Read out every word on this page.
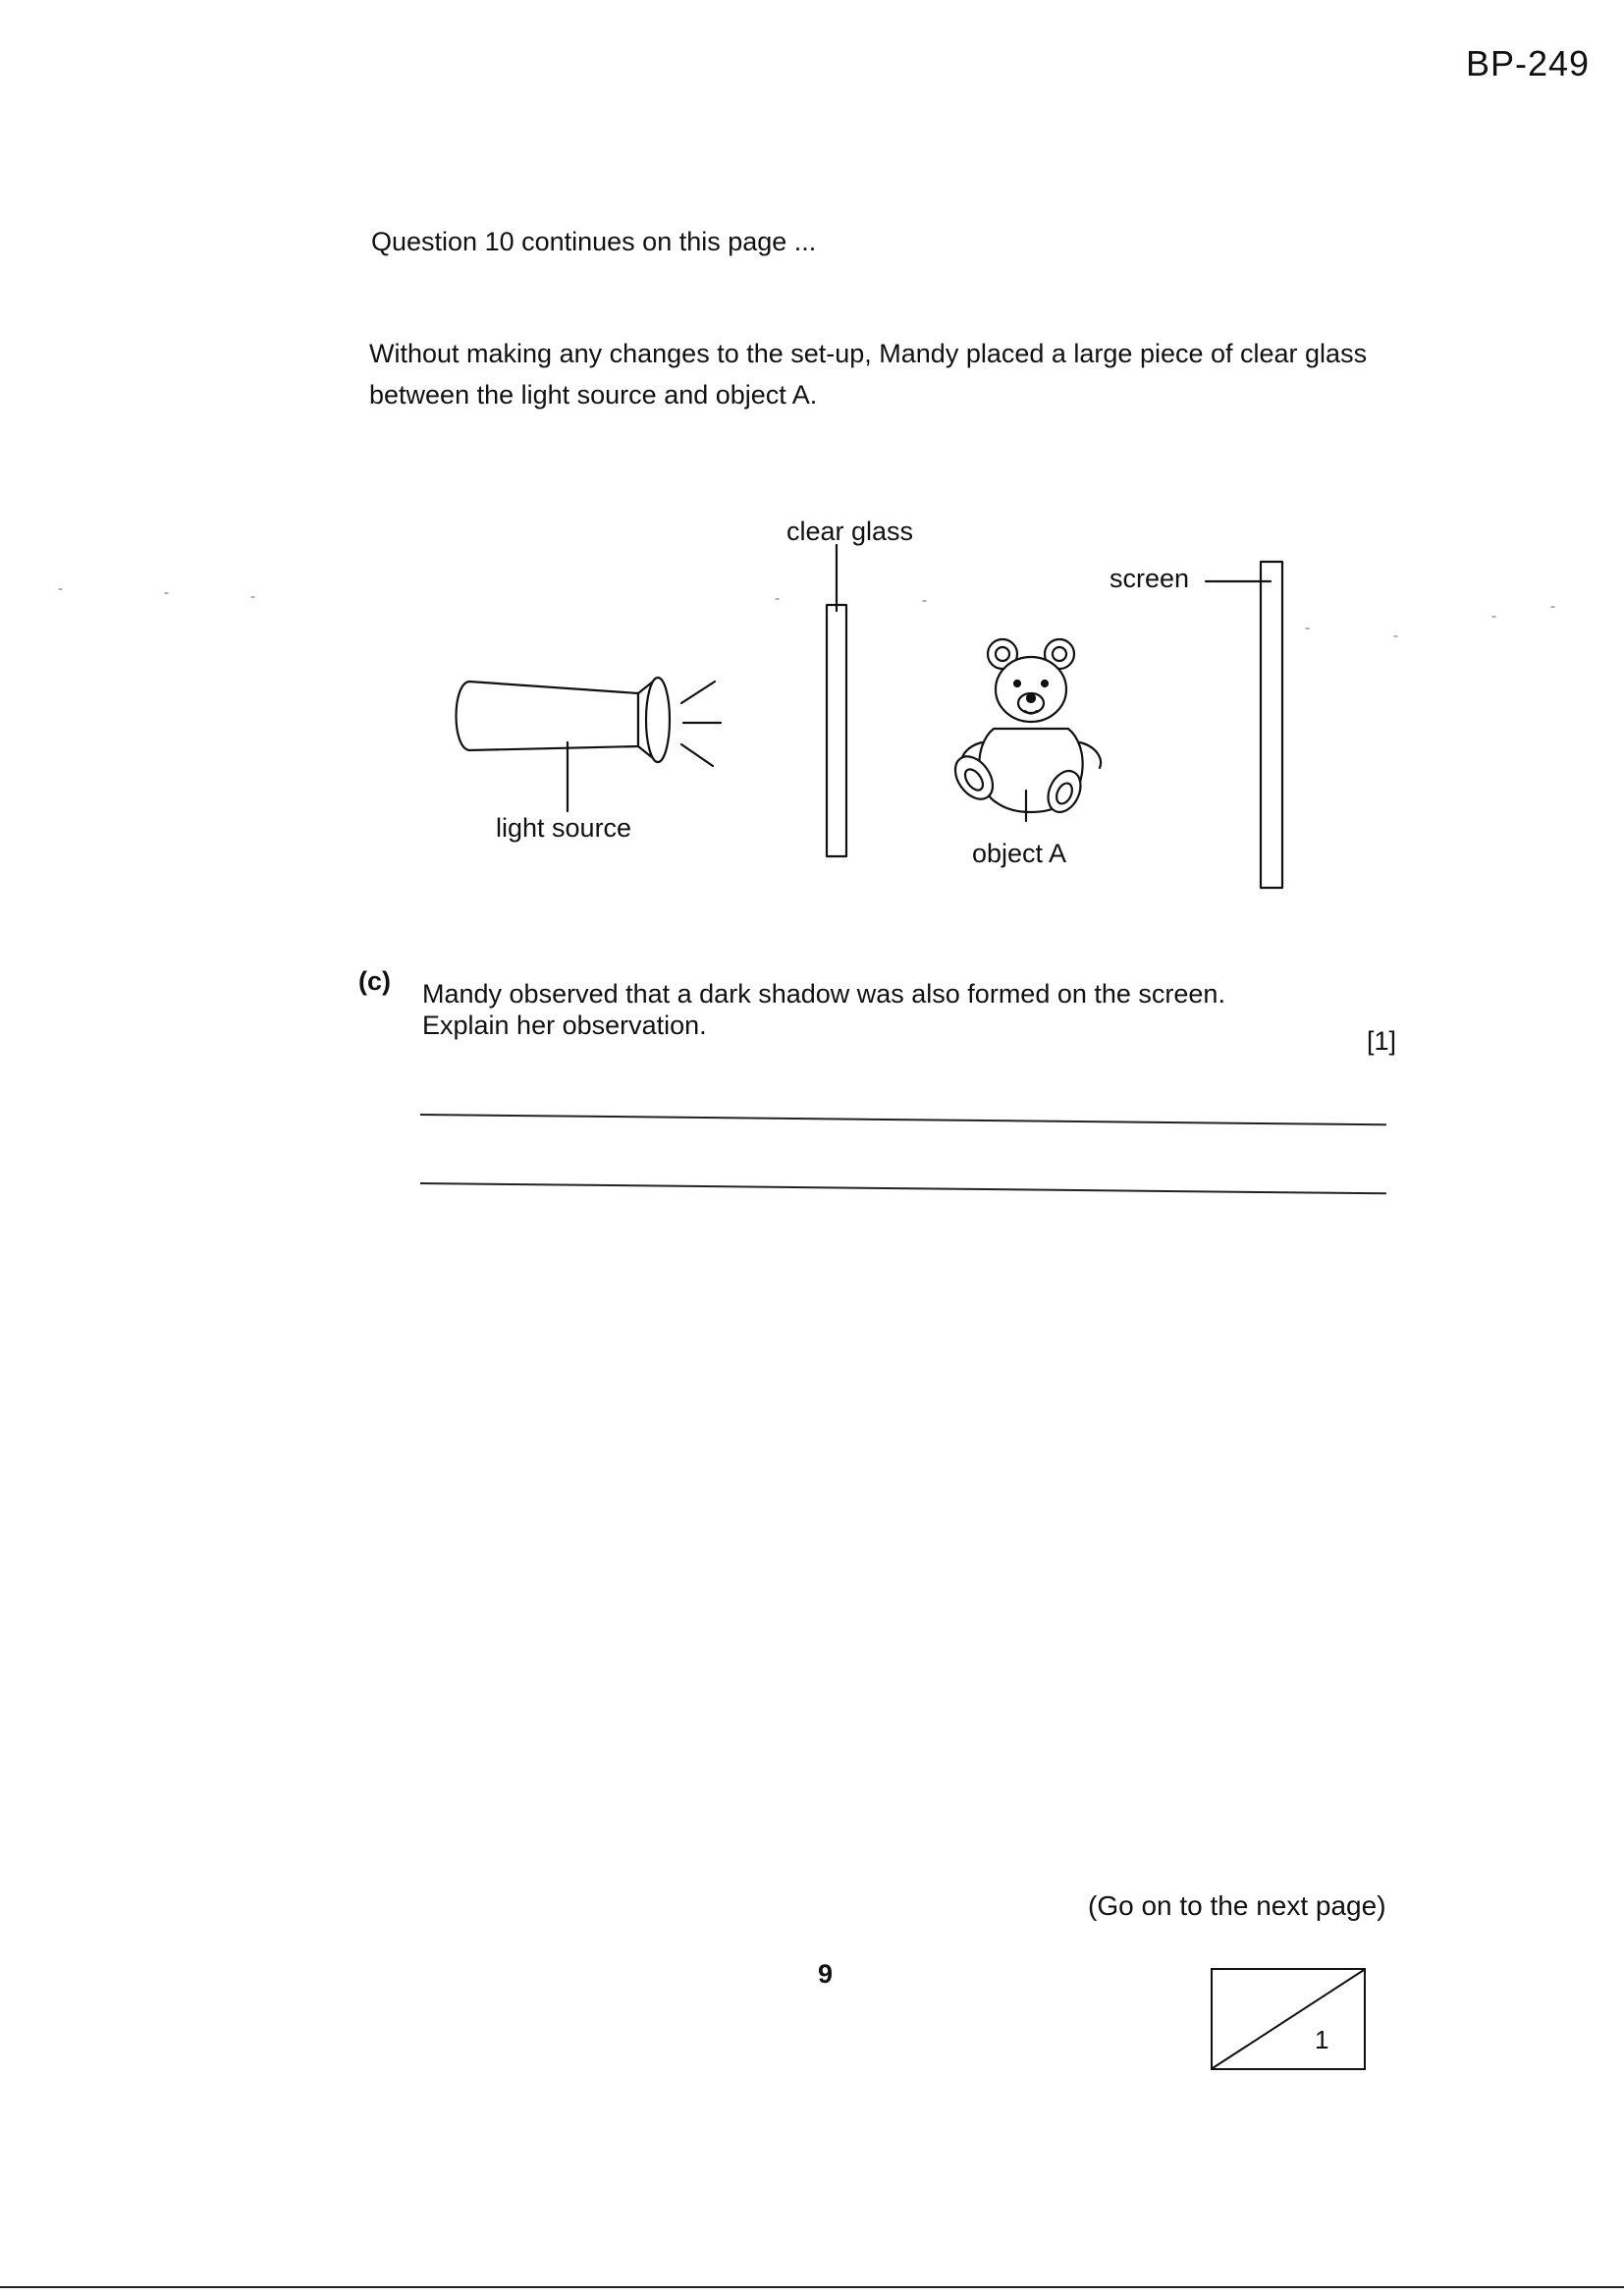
BP-249

Question 10 continues on this page ...

Without making any changes to the set-up, Mandy placed a large piece of clear glass

between the light source and object A.

clear glass
screen
light source
object A
(c) Mandy observed that a dark shadow was also formed on the screen.

Explain her observation.

[1]
(Go on to the next page)
9
1
